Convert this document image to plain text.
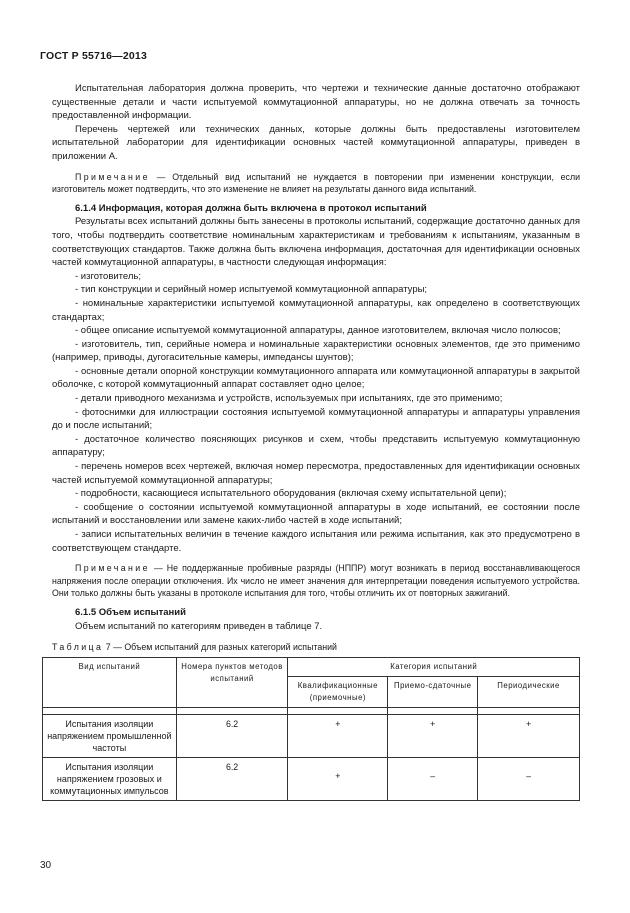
ГОСТ Р 55716—2013

Испытательная лаборатория должна проверить, что чертежи и технические данные достаточно отображают существенные детали и части испытуемой коммутационной аппаратуры, но не должна отвечать за точность предоставленной информации.

Перечень чертежей или технических данных, которые должны быть предоставлены изготовителем испытательной лаборатории для идентификации основных частей коммутационной аппаратуры, приведен в приложении А.

Примечание — Отдельный вид испытаний не нуждается в повторении при изменении конструкции, если изготовитель может подтвердить, что это изменение не влияет на результаты данного вида испытаний.

6.1.4 Информация, которая должна быть включена в протокол испытаний

Результаты всех испытаний должны быть занесены в протоколы испытаний, содержащие достаточно данных для того, чтобы подтвердить соответствие номинальным характеристикам и требованиям к испытаниям, указанным в соответствующих стандартов. Также должна быть включена информация, достаточная для идентификации основных частей коммутационной аппаратуры, в частности следующая информация:

- изготовитель;

- тип конструкции и серийный номер испытуемой коммутационной аппаратуры;

- номинальные характеристики испытуемой коммутационной аппаратуры, как определено в соответствующих стандартах;

- общее описание испытуемой коммутационной аппаратуры, данное изготовителем, включая число полюсов;

- изготовитель, тип, серийные номера и номинальные характеристики основных элементов, где это применимо (например, приводы, дугогасительные камеры, импедансы шунтов);

- основные детали опорной конструкции коммутационного аппарата или коммутационной аппаратуры в закрытой оболочке, с которой коммутационный аппарат составляет одно целое;

- детали приводного механизма и устройств, используемых при испытаниях, где это применимо;

- фотоснимки для иллюстрации состояния испытуемой коммутационной аппаратуры и аппаратуры управления до и после испытаний;

- достаточное количество поясняющих рисунков и схем, чтобы представить испытуемую коммутационную аппаратуру;

- перечень номеров всех чертежей, включая номер пересмотра, предоставленных для идентификации основных частей испытуемой коммутационной аппаратуры;

- подробности, касающиеся испытательного оборудования (включая схему испытательной цепи);

- сообщение о состоянии испытуемой коммутационной аппаратуры в ходе испытаний, ее состоянии после испытаний и восстановлении или замене каких-либо частей в ходе испытаний;

- записи испытательных величин в течение каждого испытания или режима испытания, как это предусмотрено в соответствующем стандарте.

Примечание — Не поддержанные пробивные разряды (НППР) могут возникать в период восстанавливающегося напряжения после операции отключения. Их число не имеет значения для интерпретации поведения испытуемого устройства. Они только должны быть указаны в протоколе испытания для того, чтобы отличить их от повторных зажиганий.

6.1.5 Объем испытаний

Объем испытаний по категориям приведен в таблице 7.

Таблица 7 — Объем испытаний для разных категорий испытаний

Вид испытаний	Номера пунктов методов испытаний	Категория испытаний		
		Квалификационные (приемочные)	Приемо-сдаточные	Периодические

Испытания изоляции напряжением промышленной частоты	6.2	+	+	+
Испытания изоляции напряжением грозовых и коммутационных импульсов	6.2	+	–	–
30
